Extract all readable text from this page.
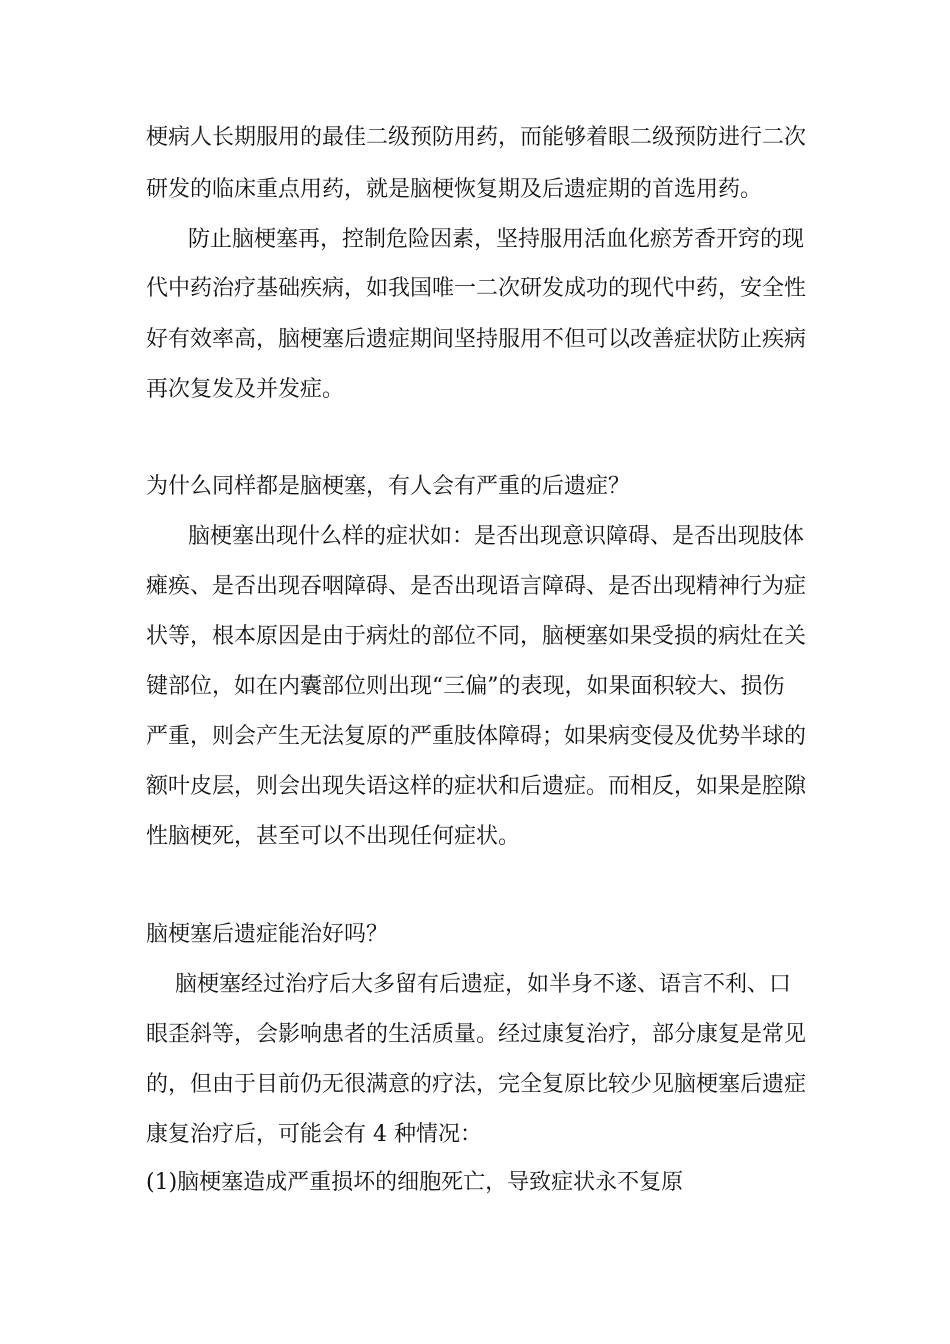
梗病人长期服用的最佳二级预防用药，而能够着眼二级预防进行二次
研发的临床重点用药，就是脑梗恢复期及后遗症期的首选用药。
防止脑梗塞再，控制危险因素，坚持服用活血化瘀芳香开窍的现
代中药治疗基础疾病，如我国唯一二次研发成功的现代中药，安全性
好有效率高，脑梗塞后遗症期间坚持服用不但可以改善症状防止疾病
再次复发及并发症。
为什么同样都是脑梗塞，有人会有严重的后遗症？
脑梗塞出现什么样的症状如：是否出现意识障碍、是否出现肢体
瘫痪、是否出现吞咽障碍、是否出现语言障碍、是否出现精神行为症
状等，根本原因是由于病灶的部位不同，脑梗塞如果受损的病灶在关
键部位，如在内囊部位则出现“三偏”的表现，如果面积较大、损伤
严重，则会产生无法复原的严重肢体障碍；如果病变侵及优势半球的
额叶皮层，则会出现失语这样的症状和后遗症。而相反，如果是腔隙
性脑梗死，甚至可以不出现任何症状。
脑梗塞后遗症能治好吗？
脑梗塞经过治疗后大多留有后遗症，如半身不遂、语言不利、口
眼歪斜等，会影响患者的生活质量。经过康复治疗，部分康复是常见
的，但由于目前仍无很满意的疗法，完全复原比较少见脑梗塞后遗症
康复治疗后，可能会有 4 种情况：
(1)脑梗塞造成严重损坏的细胞死亡，导致症状永不复原
